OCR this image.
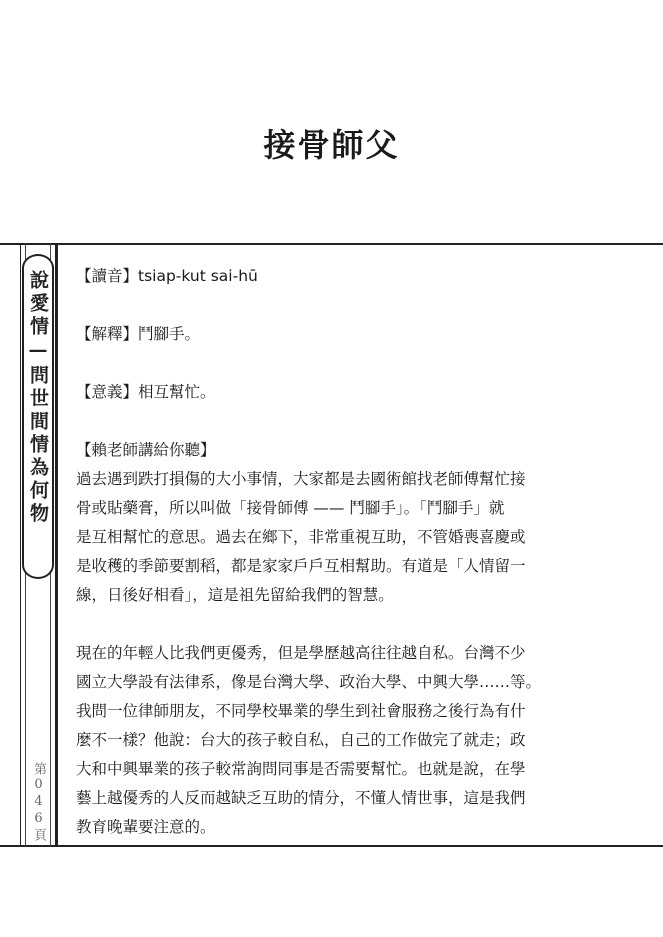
接骨師父
說愛情—問世間情為何物
第046頁

【讀音】tsiap-kut sai-hū

【解釋】鬥腳手。

【意義】相互幫忙。

【賴老師講給你聽】

過去遇到跌打損傷的大小事情，大家都是去國術館找老師傅幫忙接
骨或貼藥膏，所以叫做「接骨師傅 —— 鬥腳手」。「鬥腳手」就
是互相幫忙的意思。過去在鄉下，非常重視互助，不管婚喪喜慶或
是收穫的季節要割稻，都是家家戶戶互相幫助。有道是「人情留一
線，日後好相看」，這是祖先留給我們的智慧。
現在的年輕人比我們更優秀，但是學歷越高往往越自私。台灣不少
國立大學設有法律系，像是台灣大學、政治大學、中興大學……等。
我問一位律師朋友，不同學校畢業的學生到社會服務之後行為有什
麼不一樣？他說：台大的孩子較自私，自己的工作做完了就走；政
大和中興畢業的孩子較常詢問同事是否需要幫忙。也就是說，在學
藝上越優秀的人反而越缺乏互助的情分，不懂人情世事，這是我們
教育晚輩要注意的。
